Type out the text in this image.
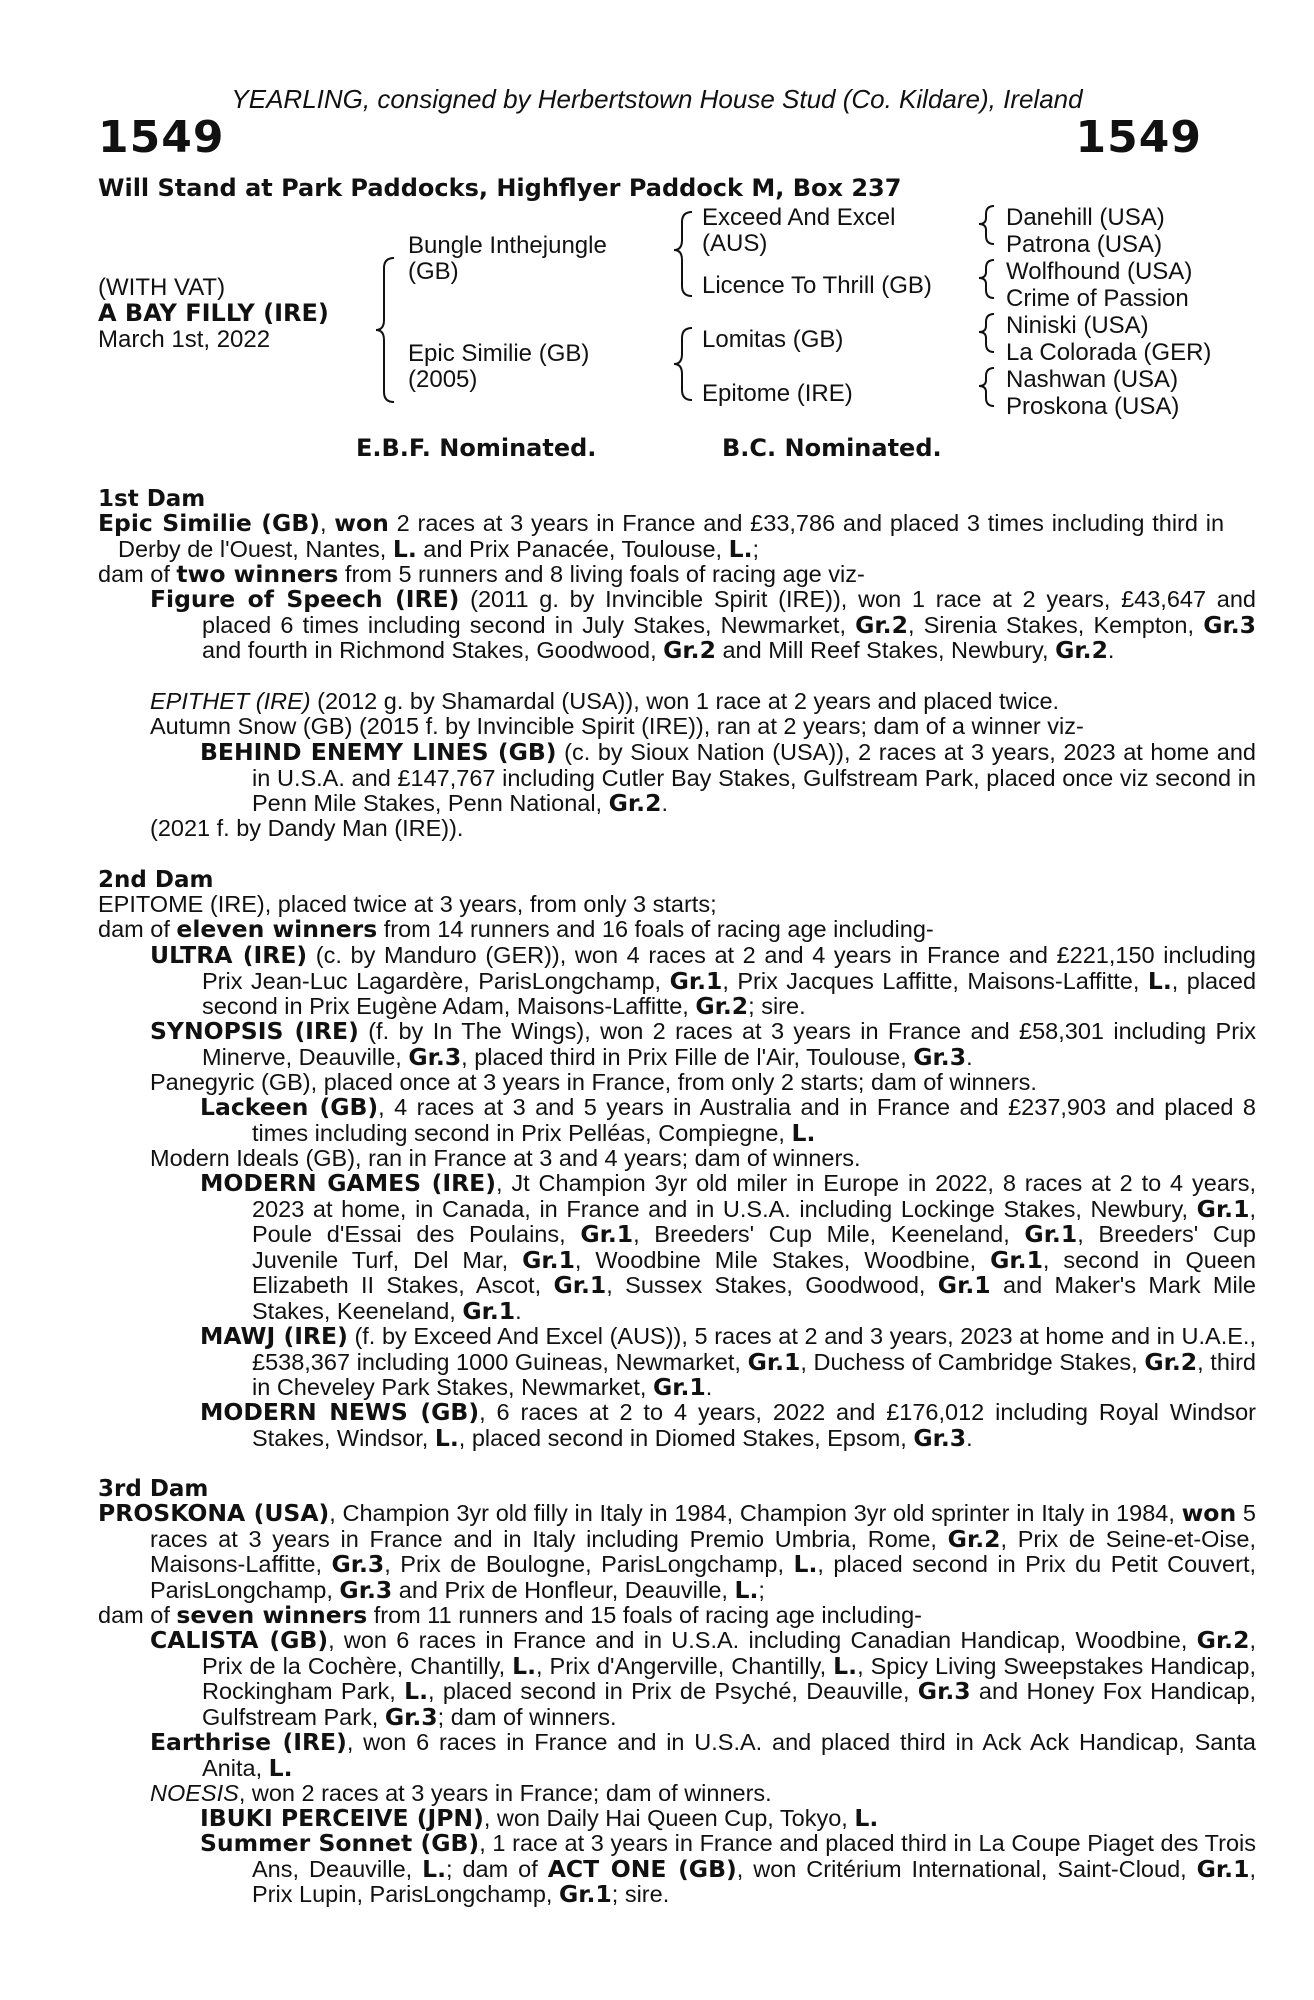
YEARLING, consigned by Herbertstown House Stud (Co. Kildare), Ireland
1549	1549
Will Stand at Park Paddocks, Highflyer Paddock M, Box 237
(WITH VAT)
A BAY FILLY (IRE)
March 1st, 2022
Bungle Inthejungle
(GB)
Epic Similie (GB)
(2005)
Exceed And Excel
(AUS)
Licence To Thrill (GB)
Lomitas (GB)
Epitome (IRE)
Danehill (USA)
Patrona (USA)
Wolfhound (USA)
Crime of Passion
Niniski (USA)
La Colorada (GER)
Nashwan (USA)
Proskona (USA)
E.B.F. Nominated.	B.C. Nominated.
1st Dam
Epic Similie (GB), won 2 races at 3 years in France and £33,786 and placed 3 times including third in Derby de l'Ouest, Nantes, L. and Prix Panacée, Toulouse, L.;
dam of two winners from 5 runners and 8 living foals of racing age viz-
Figure of Speech (IRE) (2011 g. by Invincible Spirit (IRE)), won 1 race at 2 years, £43,647 and placed 6 times including second in July Stakes, Newmarket, Gr.2, Sirenia Stakes, Kempton, Gr.3 and fourth in Richmond Stakes, Goodwood, Gr.2 and Mill Reef Stakes, Newbury, Gr.2.
EPITHET (IRE) (2012 g. by Shamardal (USA)), won 1 race at 2 years and placed twice.
Autumn Snow (GB) (2015 f. by Invincible Spirit (IRE)), ran at 2 years; dam of a winner viz-
BEHIND ENEMY LINES (GB) (c. by Sioux Nation (USA)), 2 races at 3 years, 2023 at home and in U.S.A. and £147,767 including Cutler Bay Stakes, Gulfstream Park, placed once viz second in Penn Mile Stakes, Penn National, Gr.2.
(2021 f. by Dandy Man (IRE)).
2nd Dam
EPITOME (IRE), placed twice at 3 years, from only 3 starts;
dam of eleven winners from 14 runners and 16 foals of racing age including-
ULTRA (IRE) (c. by Manduro (GER)), won 4 races at 2 and 4 years in France and £221,150 including Prix Jean-Luc Lagardère, ParisLongchamp, Gr.1, Prix Jacques Laffitte, Maisons-Laffitte, L., placed second in Prix Eugène Adam, Maisons-Laffitte, Gr.2; sire.
SYNOPSIS (IRE) (f. by In The Wings), won 2 races at 3 years in France and £58,301 including Prix Minerve, Deauville, Gr.3, placed third in Prix Fille de l'Air, Toulouse, Gr.3.
Panegyric (GB), placed once at 3 years in France, from only 2 starts; dam of winners.
Lackeen (GB), 4 races at 3 and 5 years in Australia and in France and £237,903 and placed 8 times including second in Prix Pelléas, Compiegne, L.
Modern Ideals (GB), ran in France at 3 and 4 years; dam of winners.
MODERN GAMES (IRE), Jt Champion 3yr old miler in Europe in 2022, 8 races at 2 to 4 years, 2023 at home, in Canada, in France and in U.S.A. including Lockinge Stakes, Newbury, Gr.1, Poule d'Essai des Poulains, Gr.1, Breeders' Cup Mile, Keeneland, Gr.1, Breeders' Cup Juvenile Turf, Del Mar, Gr.1, Woodbine Mile Stakes, Woodbine, Gr.1, second in Queen Elizabeth II Stakes, Ascot, Gr.1, Sussex Stakes, Goodwood, Gr.1 and Maker's Mark Mile Stakes, Keeneland, Gr.1.
MAWJ (IRE) (f. by Exceed And Excel (AUS)), 5 races at 2 and 3 years, 2023 at home and in U.A.E., £538,367 including 1000 Guineas, Newmarket, Gr.1, Duchess of Cambridge Stakes, Gr.2, third in Cheveley Park Stakes, Newmarket, Gr.1.
MODERN NEWS (GB), 6 races at 2 to 4 years, 2022 and £176,012 including Royal Windsor Stakes, Windsor, L., placed second in Diomed Stakes, Epsom, Gr.3.
3rd Dam
PROSKONA (USA), Champion 3yr old filly in Italy in 1984, Champion 3yr old sprinter in Italy in 1984, won 5 races at 3 years in France and in Italy including Premio Umbria, Rome, Gr.2, Prix de Seine-et-Oise, Maisons-Laffitte, Gr.3, Prix de Boulogne, ParisLongchamp, L., placed second in Prix du Petit Couvert, ParisLongchamp, Gr.3 and Prix de Honfleur, Deauville, L.;
dam of seven winners from 11 runners and 15 foals of racing age including-
CALISTA (GB), won 6 races in France and in U.S.A. including Canadian Handicap, Woodbine, Gr.2, Prix de la Cochère, Chantilly, L., Prix d'Angerville, Chantilly, L., Spicy Living Sweepstakes Handicap, Rockingham Park, L., placed second in Prix de Psyché, Deauville, Gr.3 and Honey Fox Handicap, Gulfstream Park, Gr.3; dam of winners.
Earthrise (IRE), won 6 races in France and in U.S.A. and placed third in Ack Ack Handicap, Santa Anita, L.
NOESIS, won 2 races at 3 years in France; dam of winners.
IBUKI PERCEIVE (JPN), won Daily Hai Queen Cup, Tokyo, L.
Summer Sonnet (GB), 1 race at 3 years in France and placed third in La Coupe Piaget des Trois Ans, Deauville, L.; dam of ACT ONE (GB), won Critérium International, Saint-Cloud, Gr.1, Prix Lupin, ParisLongchamp, Gr.1; sire.
